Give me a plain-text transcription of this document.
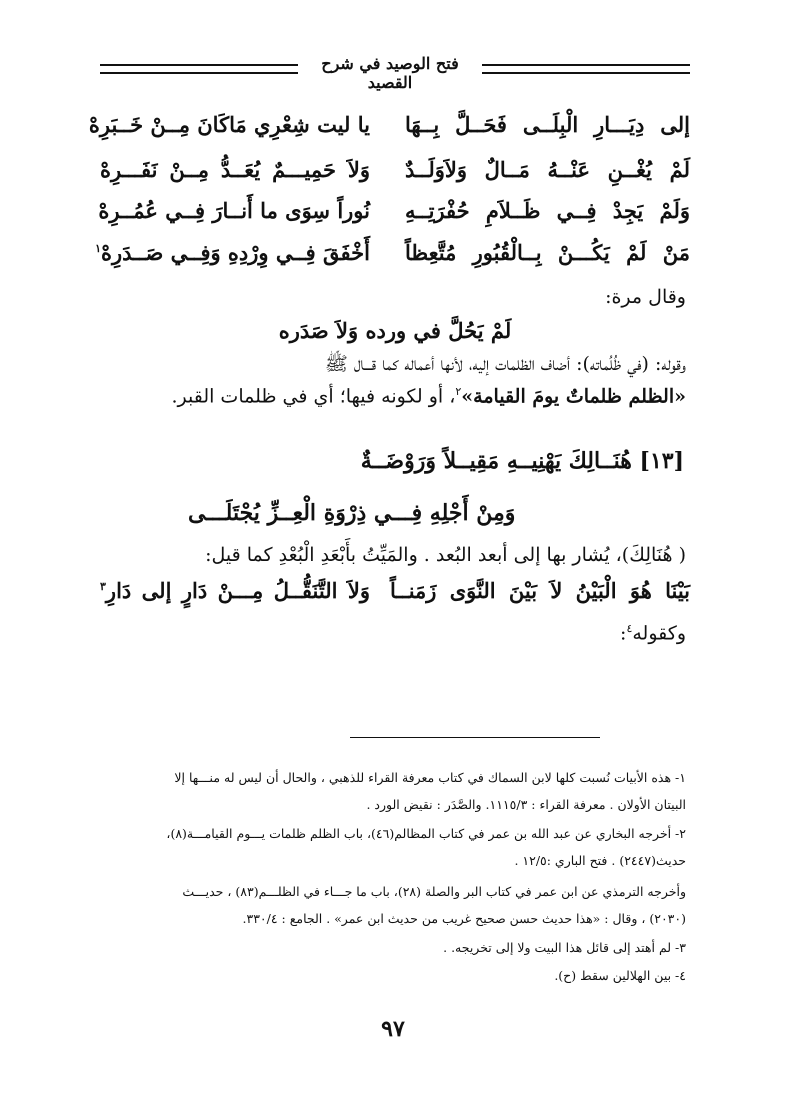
فتح الوصيد في شرح القصيد
إلى دِيَـــارِ الْبِلَــى فَحَــلَّ بِــهَا
يا ليت شِعْرِي مَاكَانَ مِــنْ خَــبَرِهْ
لَمْ يُغْــنِ عَنْــهُ مَــالٌ وَلاَوَلَــدٌ
وَلاَ حَمِيـــمٌ يُعَــدُّ مِــنْ نَفَـــرِهْ
وَلَمْ يَجِدْ فِــي ظَــلاَمِ حُفْرَتِــهِ
نُوراً سِوَى ما أَنــارَ فِــي عُمُــرِهْ
مَنْ لَمْ يَكُـــنْ بِــالْقُبُورِ مُتَّعِظاً
أَخْفَقَ فِــي وِرْدِهِ وَفِــي صَــدَرِهْ$^١$
وقال مرة:
لَمْ يَحُلَّ في ورده وَلاَ صَدَره
وقوله: (في ظُلُماته): أضاف الظلمات إليه، لأنها أعماله كما قـــال ﷺ
«الظلم ظلماتٌ يومَ القيامة»$^٢$، أو لكونه فيها؛ أي في ظلمات القبر.
[١٣] هُنَــالِكَ يَهْنِيــهِ مَقِيــلاً وَرَوْضَــةٌ
وَمِنْ أَجْلِهِ فِـــي ذِرْوَةِ الْعِــزِّ يُجْتَلَـــى
( هُنَالِكَ)، يُشار بها إلى أبعد البُعد . والمَيِّتُ بأَبْعَدِ الْبُعْدِ كما قيل:
بَيْنَا هُوَ الْبَيْنُ لاَ بَيْنَ النَّوَى زَمَنــاً
وَلاَ التَّنَقُّــلُ مِـــنْ دَارٍ إلى دَارِ$^٣$
وكقوله$^٤$:
١- هذه الأبيات نُسبت كلها لابن السماك في كتاب معرفة القراء للذهبي ، والحال أن ليس له منـــها إلا
البيتان الأولان . معرفة القراء : ١١١٥/٣. والصَّدَر : نقيض الورد .
٢- أخرجه البخاري عن عبد الله بن عمر في كتاب المظالم(٤٦)، باب الظلم ظلمات يـــوم القيامـــة(٨)،
حديث(٢٤٤٧) . فتح الباري :١٢/٥ .
وأخرجه الترمذي عن ابن عمر في كتاب البر والصلة (٢٨)، باب ما جـــاء في الظلـــم(٨٣) ، حديـــث
(٢٠٣٠) ، وقال : «هذا حديث حسن صحيح غريب من حديث ابن عمر» . الجامع : ٣٣٠/٤.
٣- لم أهتد إلى قائل هذا البيت ولا إلى تخريجه. .
٤- بين الهلالين سقط (ح).
٩٧
